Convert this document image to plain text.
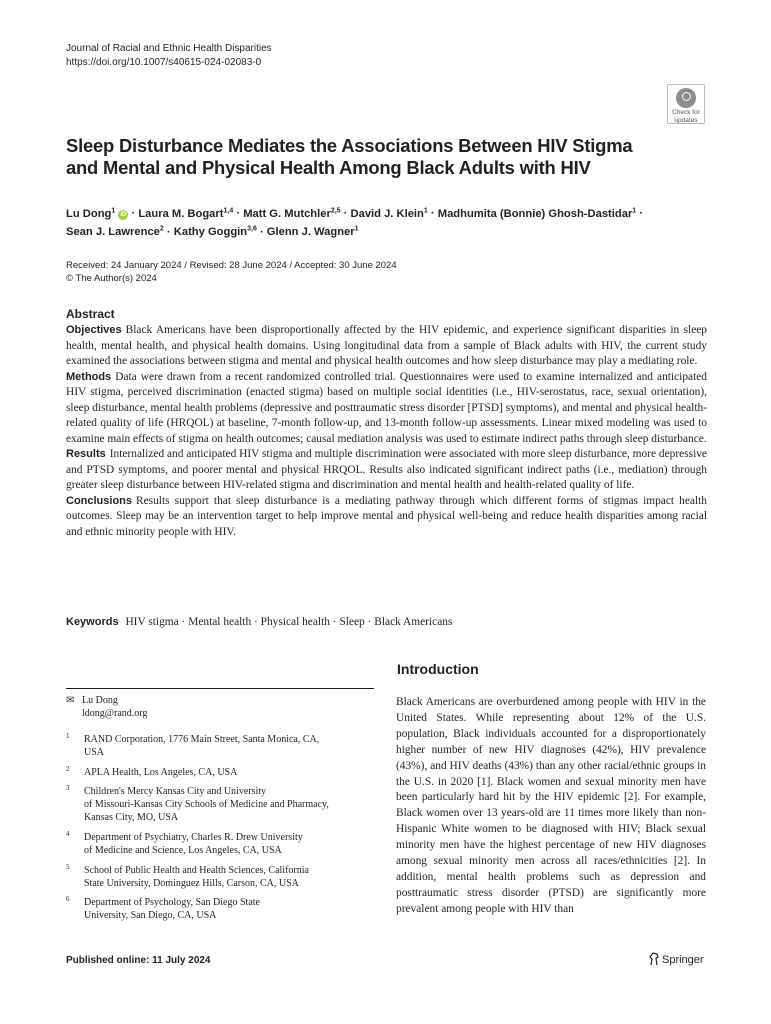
Journal of Racial and Ethnic Health Disparities
https://doi.org/10.1007/s40615-024-02083-0
Check for
updates
Sleep Disturbance Mediates the Associations Between HIV Stigma and Mental and Physical Health Among Black Adults with HIV
Lu Dong$^1$ iD · Laura M. Bogart$^{1,4}$ · Matt G. Mutchler$^{2,5}$ · David J. Klein$^1$ · Madhumita (Bonnie) Ghosh-Dastidar$^1$ ·
Sean J. Lawrence$^2$ · Kathy Goggin$^{3,6}$ · Glenn J. Wagner$^1$
Received: 24 January 2024 / Revised: 28 June 2024 / Accepted: 30 June 2024
© The Author(s) 2024
Abstract

Objectives Black Americans have been disproportionally affected by the HIV epidemic, and experience significant disparities in sleep health, mental health, and physical health domains. Using longitudinal data from a sample of Black adults with HIV, the current study examined the associations between stigma and mental and physical health outcomes and how sleep disturbance may play a mediating role.

Methods Data were drawn from a recent randomized controlled trial. Questionnaires were used to examine internalized and anticipated HIV stigma, perceived discrimination (enacted stigma) based on multiple social identities (i.e., HIV-serostatus, race, sexual orientation), sleep disturbance, mental health problems (depressive and posttraumatic stress disorder [PTSD] symptoms), and mental and physical health-related quality of life (HRQOL) at baseline, 7-month follow-up, and 13-month follow-up assessments. Linear mixed modeling was used to examine main effects of stigma on health outcomes; causal mediation analysis was used to estimate indirect paths through sleep disturbance.

Results Internalized and anticipated HIV stigma and multiple discrimination were associated with more sleep disturbance, more depressive and PTSD symptoms, and poorer mental and physical HRQOL. Results also indicated significant indirect paths (i.e., mediation) through greater sleep disturbance between HIV-related stigma and discrimination and mental health and health-related quality of life.

Conclusions Results support that sleep disturbance is a mediating pathway through which different forms of stigmas impact health outcomes. Sleep may be an intervention target to help improve mental and physical well-being and reduce health disparities among racial and ethnic minority people with HIV.

Keywords HIV stigma · Mental health · Physical health · Sleep · Black Americans
Introduction

Black Americans are overburdened among people with HIV in the United States. While representing about 12% of the U.S. population, Black individuals accounted for a disproportionately higher number of new HIV diagnoses (42%), HIV prevalence (43%), and HIV deaths (43%) than any other racial/ethnic groups in the U.S. in 2020 [1]. Black women and sexual minority men have been particularly hard hit by the HIV epidemic [2]. For example, Black women over 13 years-old are 11 times more likely than non-Hispanic White women to be diagnosed with HIV; Black sexual minority men have the highest percentage of new HIV diagnoses among sexual minority men across all races/ethnicities [2]. In addition, mental health problems such as depression and posttraumatic stress disorder (PTSD) are significantly more prevalent among people with HIV than

✉ Lu Dong
ldong@rand.org
1 RAND Corporation, 1776 Main Street, Santa Monica, CA,
USA
2 APLA Health, Los Angeles, CA, USA
3 Children's Mercy Kansas City and University
of Missouri-Kansas City Schools of Medicine and Pharmacy,
Kansas City, MO, USA
4 Department of Psychiatry, Charles R. Drew University
of Medicine and Science, Los Angeles, CA, USA
5 School of Public Health and Health Sciences, California
State University, Dominguez Hills, Carson, CA, USA
6 Department of Psychology, San Diego State
University, San Diego, CA, USA
Published online: 11 July 2024	Springer
